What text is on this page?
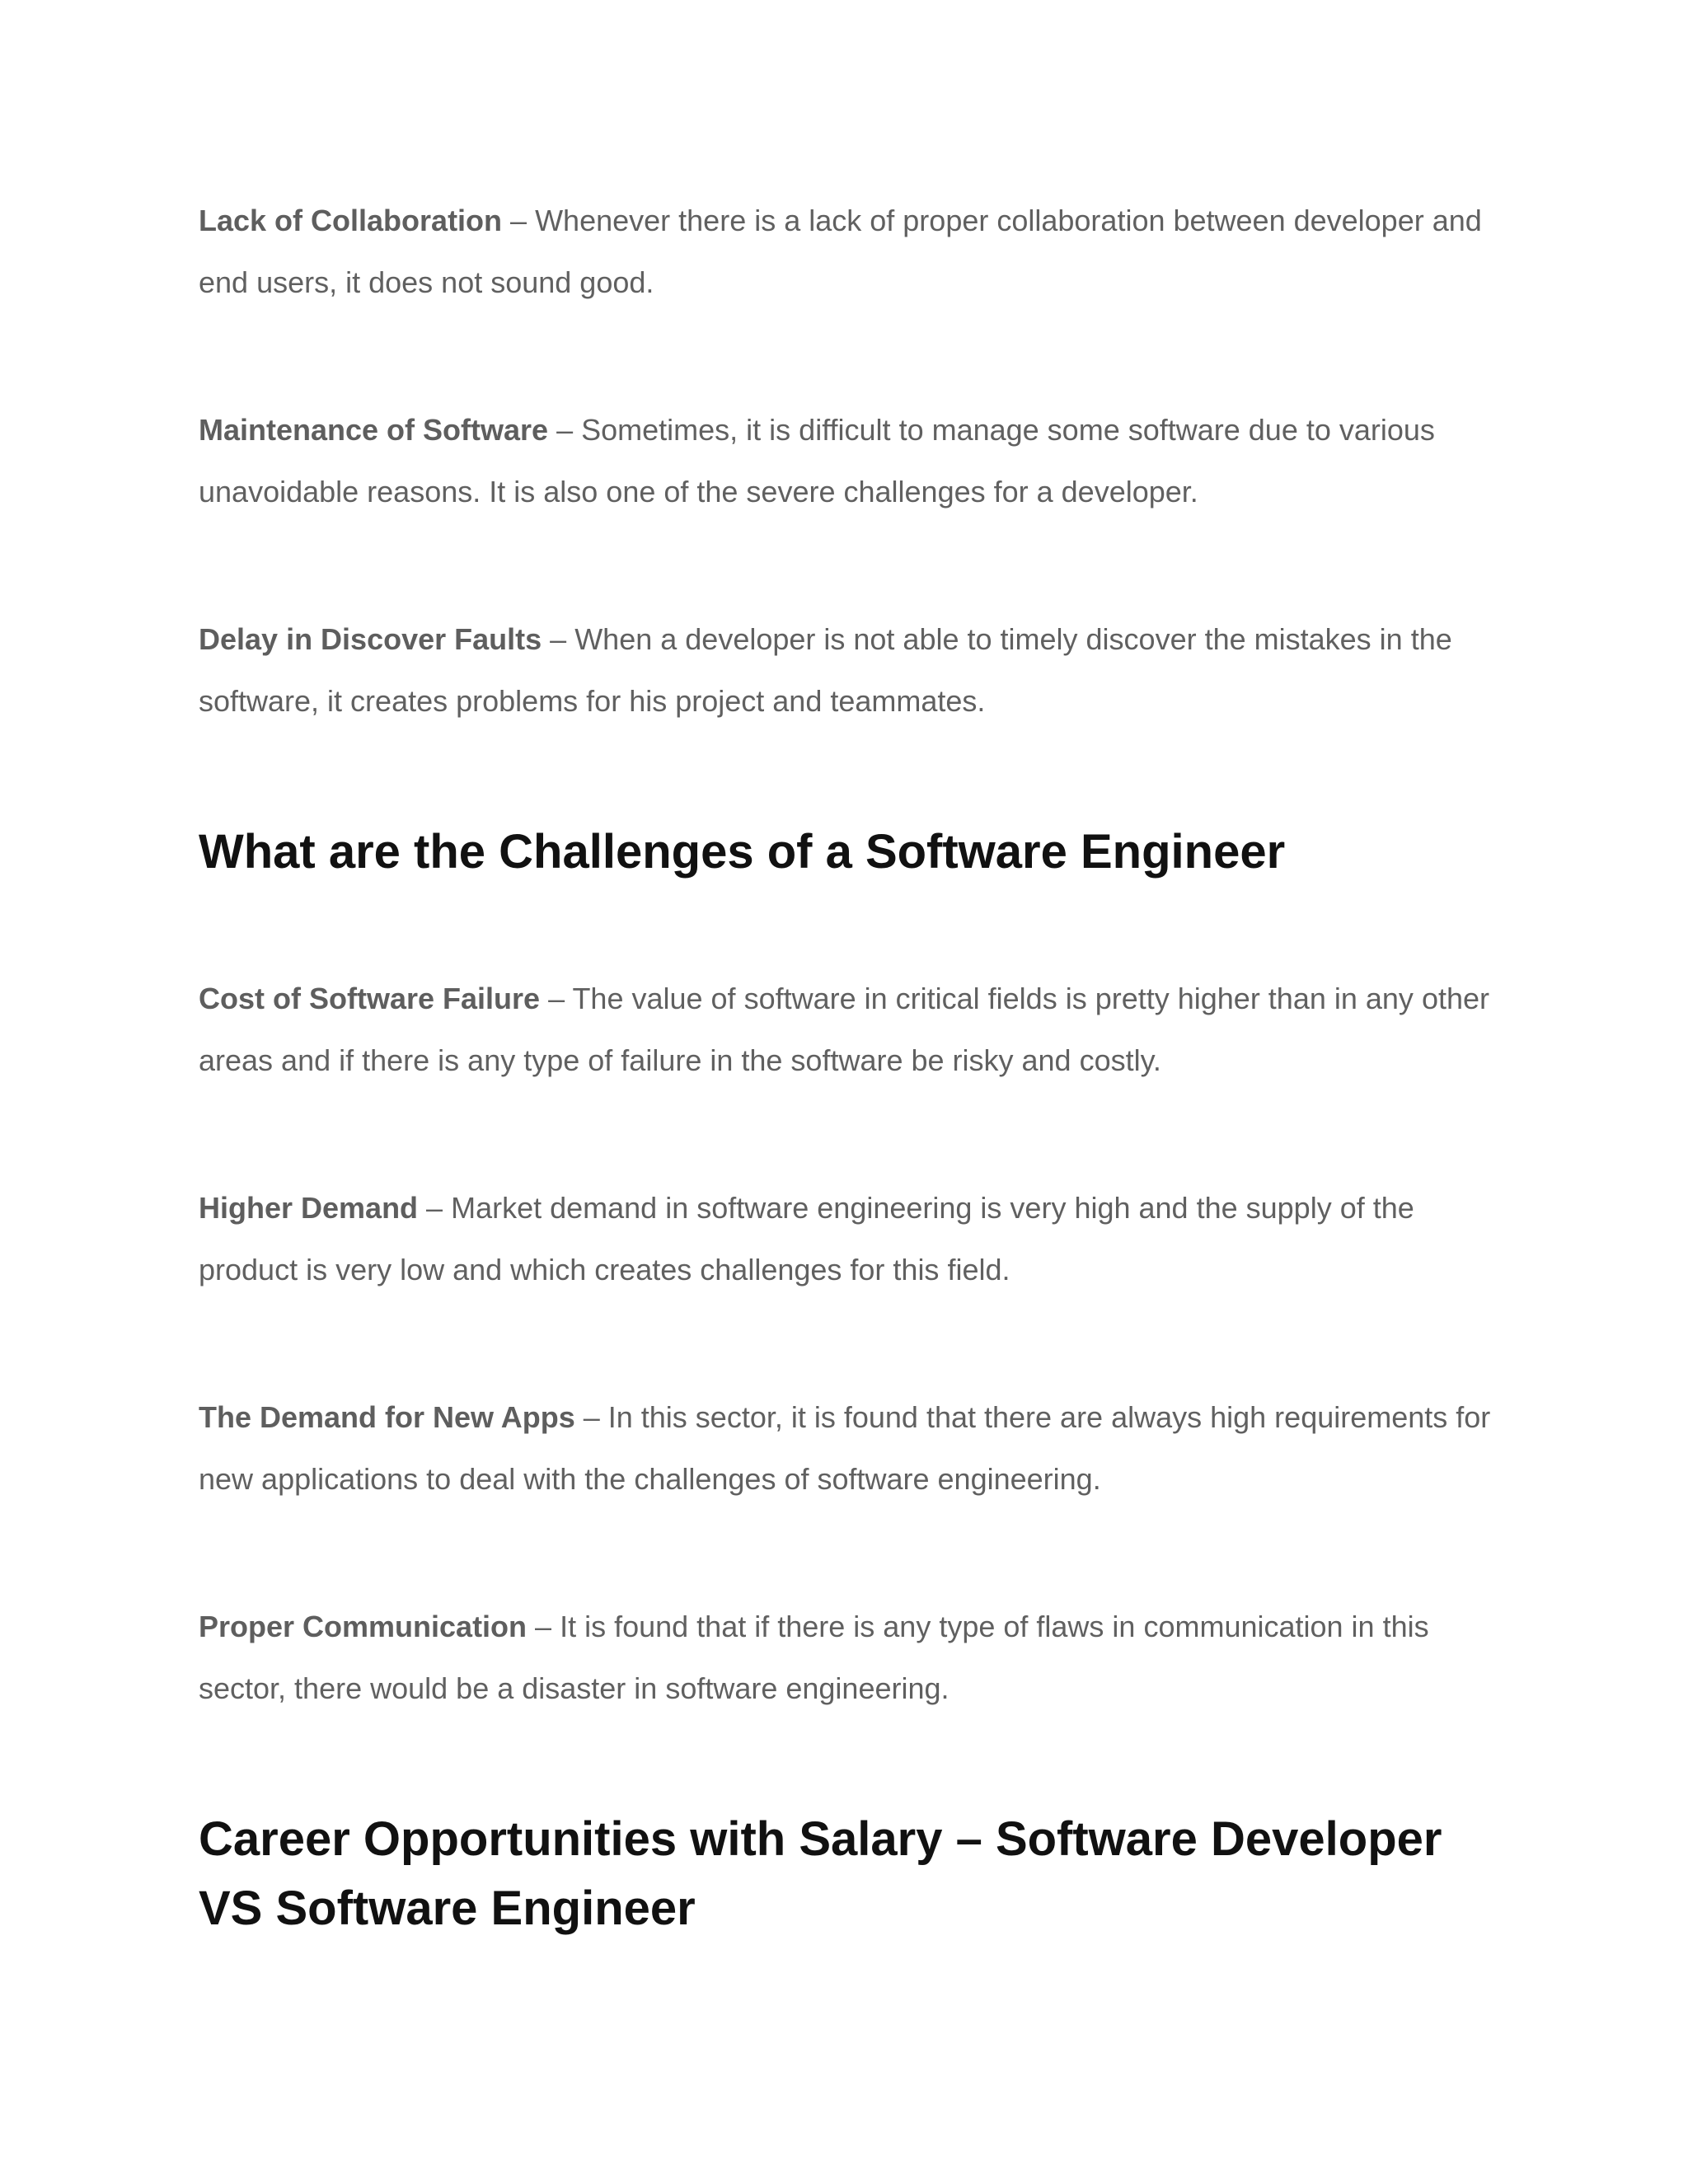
Lack of Collaboration – Whenever there is a lack of proper collaboration between developer and end users, it does not sound good.

Maintenance of Software – Sometimes, it is difficult to manage some software due to various unavoidable reasons. It is also one of the severe challenges for a developer.

Delay in Discover Faults – When a developer is not able to timely discover the mistakes in the software, it creates problems for his project and teammates.

What are the Challenges of a Software Engineer

Cost of Software Failure – The value of software in critical fields is pretty higher than in any other areas and if there is any type of failure in the software be risky and costly.

Higher Demand – Market demand in software engineering is very high and the supply of the product is very low and which creates challenges for this field.

The Demand for New Apps – In this sector, it is found that there are always high requirements for new applications to deal with the challenges of software engineering.

Proper Communication – It is found that if there is any type of flaws in communication in this sector, there would be a disaster in software engineering.

Career Opportunities with Salary – Software Developer VS Software Engineer
